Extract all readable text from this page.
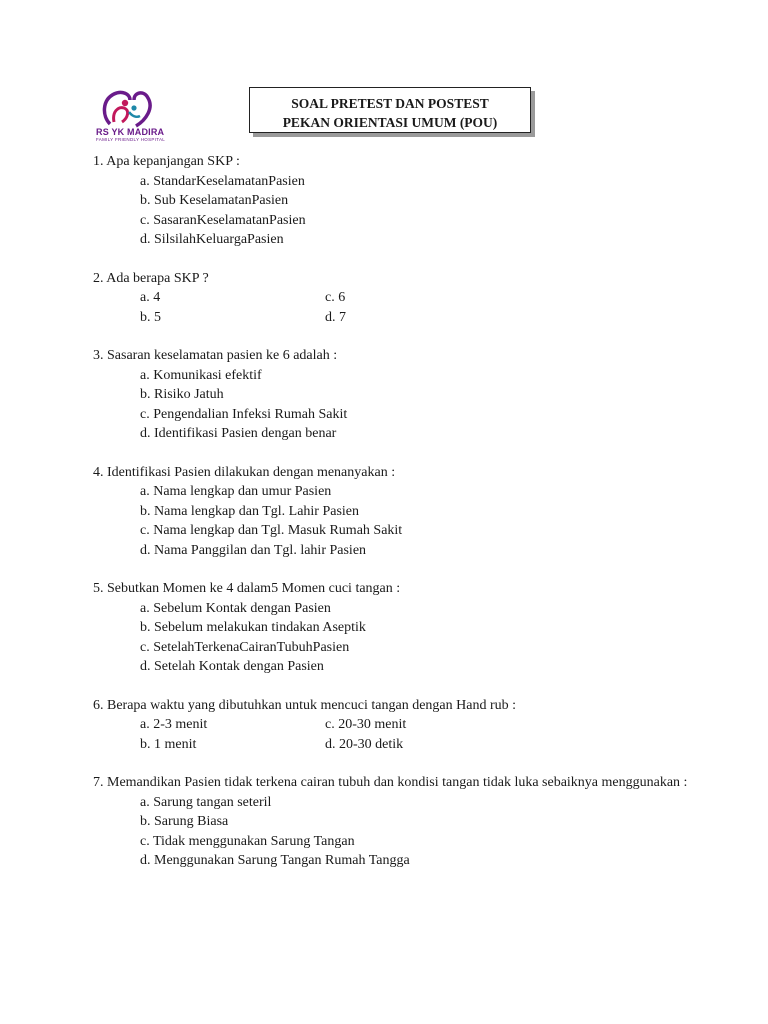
RS YK MADIRA
FAMILY FRIENDLY HOSPITAL
SOAL PRETEST DAN POSTEST
PEKAN ORIENTASI UMUM (POU)
1. Apa kepanjangan SKP :
a. StandarKeselamatanPasien
b. Sub KeselamatanPasien
c. SasaranKeselamatanPasien
d. SilsilahKeluargaPasien
2. Ada berapa SKP ?
a. 4	c. 6
b. 5	d. 7
3. Sasaran keselamatan pasien ke 6 adalah :
a. Komunikasi efektif
b. Risiko Jatuh
c. Pengendalian Infeksi Rumah Sakit
d. Identifikasi Pasien dengan benar
4. Identifikasi Pasien dilakukan dengan menanyakan :
a. Nama lengkap dan umur Pasien
b. Nama lengkap dan Tgl. Lahir Pasien
c. Nama lengkap dan Tgl. Masuk Rumah Sakit
d. Nama Panggilan dan Tgl. lahir Pasien
5. Sebutkan Momen ke 4 dalam5 Momen cuci tangan :
a. Sebelum Kontak dengan Pasien
b. Sebelum melakukan tindakan Aseptik
c. SetelahTerkenaCairanTubuhPasien
d. Setelah Kontak dengan Pasien
6. Berapa waktu yang dibutuhkan untuk mencuci tangan dengan Hand rub :
a. 2-3 menit	c. 20-30 menit
b. 1 menit	d. 20-30 detik
7. Memandikan Pasien tidak terkena cairan tubuh dan kondisi tangan tidak luka sebaiknya menggunakan :
a. Sarung tangan seteril
b. Sarung Biasa
c. Tidak menggunakan Sarung Tangan
d. Menggunakan Sarung Tangan Rumah Tangga
